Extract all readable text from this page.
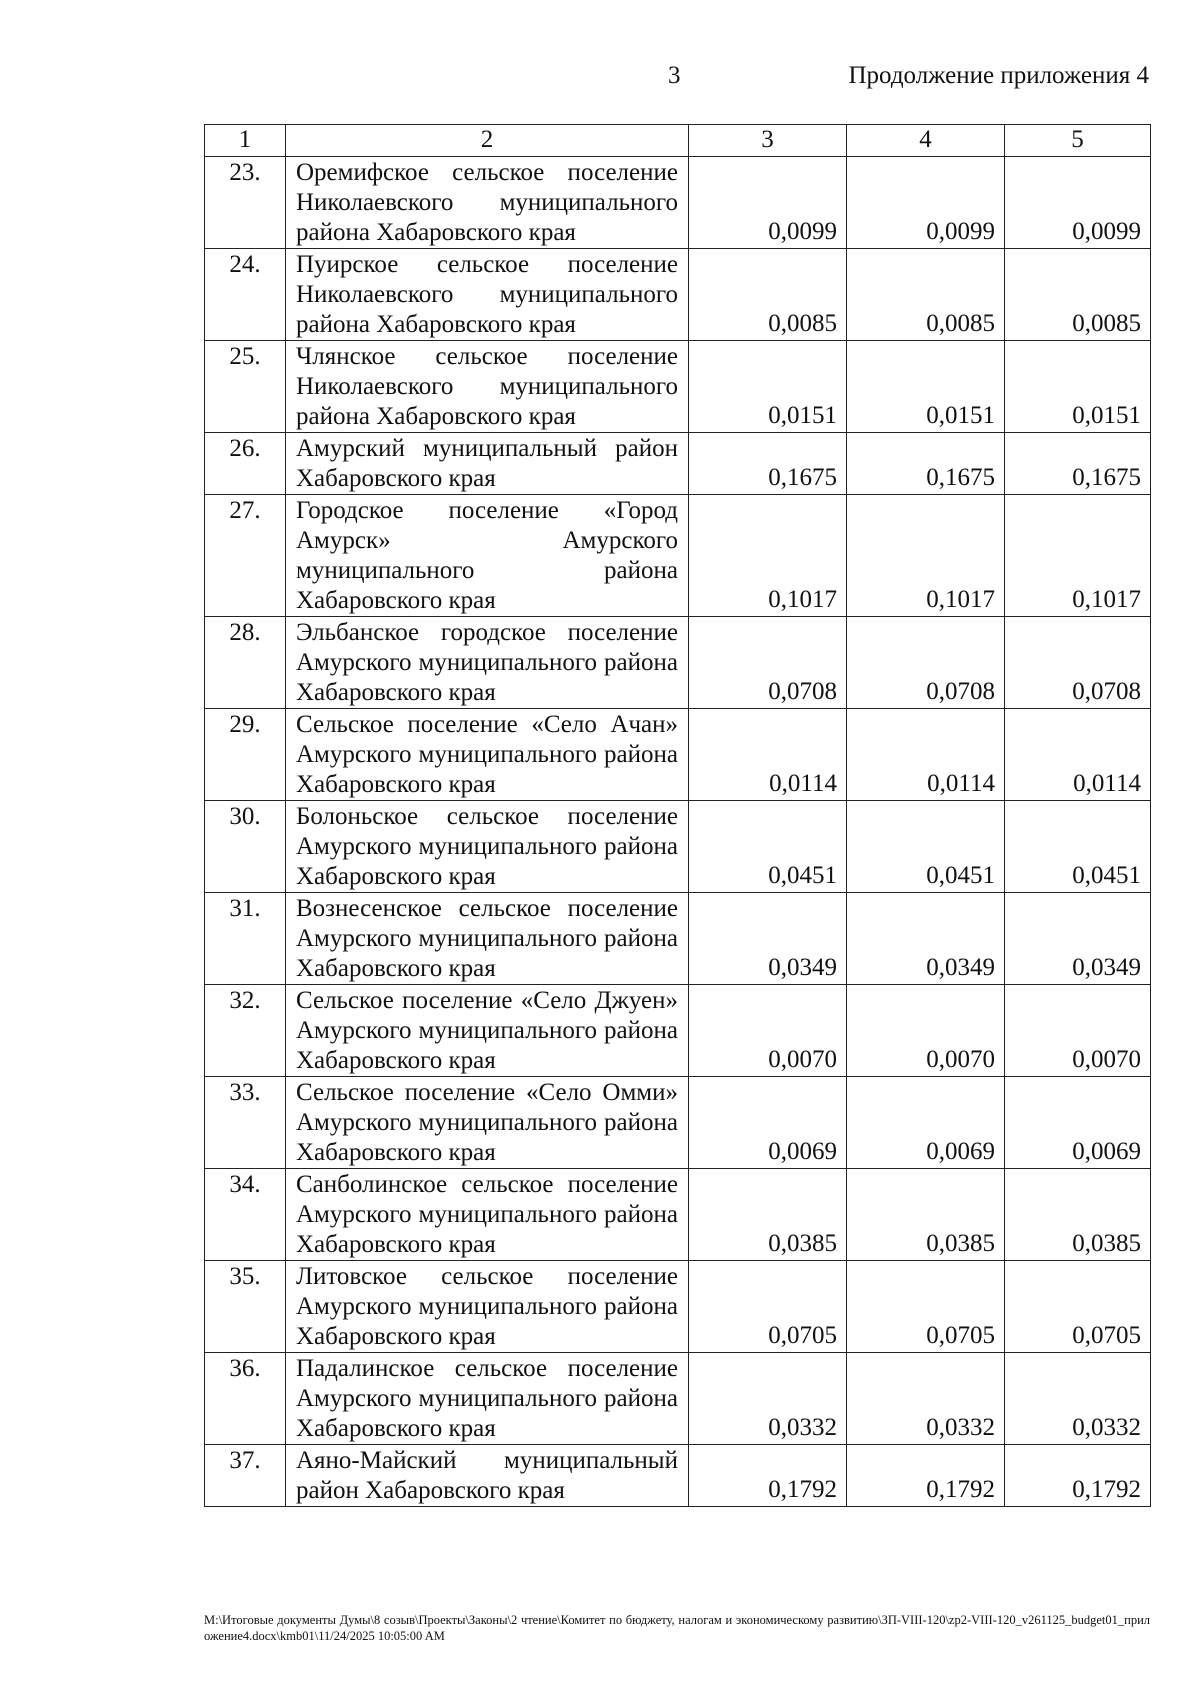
3	Продолжение приложения 4
1	2	3	4	5
23.	Оремифское сельское поселение Николаевского муниципального района Хабаровского края	0,0099	0,0099	0,0099
24.	Пуирское сельское поселение Николаевского муниципального района Хабаровского края	0,0085	0,0085	0,0085
25.	Члянское сельское поселение Николаевского муниципального района Хабаровского края	0,0151	0,0151	0,0151
26.	Амурский муниципальный район Хабаровского края	0,1675	0,1675	0,1675
27.	Городское поселение «Город Амурск» Амурского муниципального района Хабаровского края	0,1017	0,1017	0,1017
28.	Эльбанское городское поселение Амурского муниципального района Хабаровского края	0,0708	0,0708	0,0708
29.	Сельское поселение «Село Ачан» Амурского муниципального района Хабаровского края	0,0114	0,0114	0,0114
30.	Болоньское сельское поселение Амурского муниципального района Хабаровского края	0,0451	0,0451	0,0451
31.	Вознесенское сельское поселение Амурского муниципального района Хабаровского края	0,0349	0,0349	0,0349
32.	Сельское поселение «Село Джуен» Амурского муниципального района Хабаровского края	0,0070	0,0070	0,0070
33.	Сельское поселение «Село Омми» Амурского муниципального района Хабаровского края	0,0069	0,0069	0,0069
34.	Санболинское сельское поселение Амурского муниципального района Хабаровского края	0,0385	0,0385	0,0385
35.	Литовское сельское поселение Амурского муниципального района Хабаровского края	0,0705	0,0705	0,0705
36.	Падалинское сельское поселение Амурского муниципального района Хабаровского края	0,0332	0,0332	0,0332
37.	Аяно-Майский муниципальный район Хабаровского края	0,1792	0,1792	0,1792
М:\Итоговые документы Думы\8 созыв\Проекты\Законы\2 чтение\Комитет по бюджету, налогам и экономическому развитию\ЗП-VIII-120\zp2-VIII-120_v261125_budget01_приложение4.docx\kmb01\11/24/2025 10:05:00 AM
